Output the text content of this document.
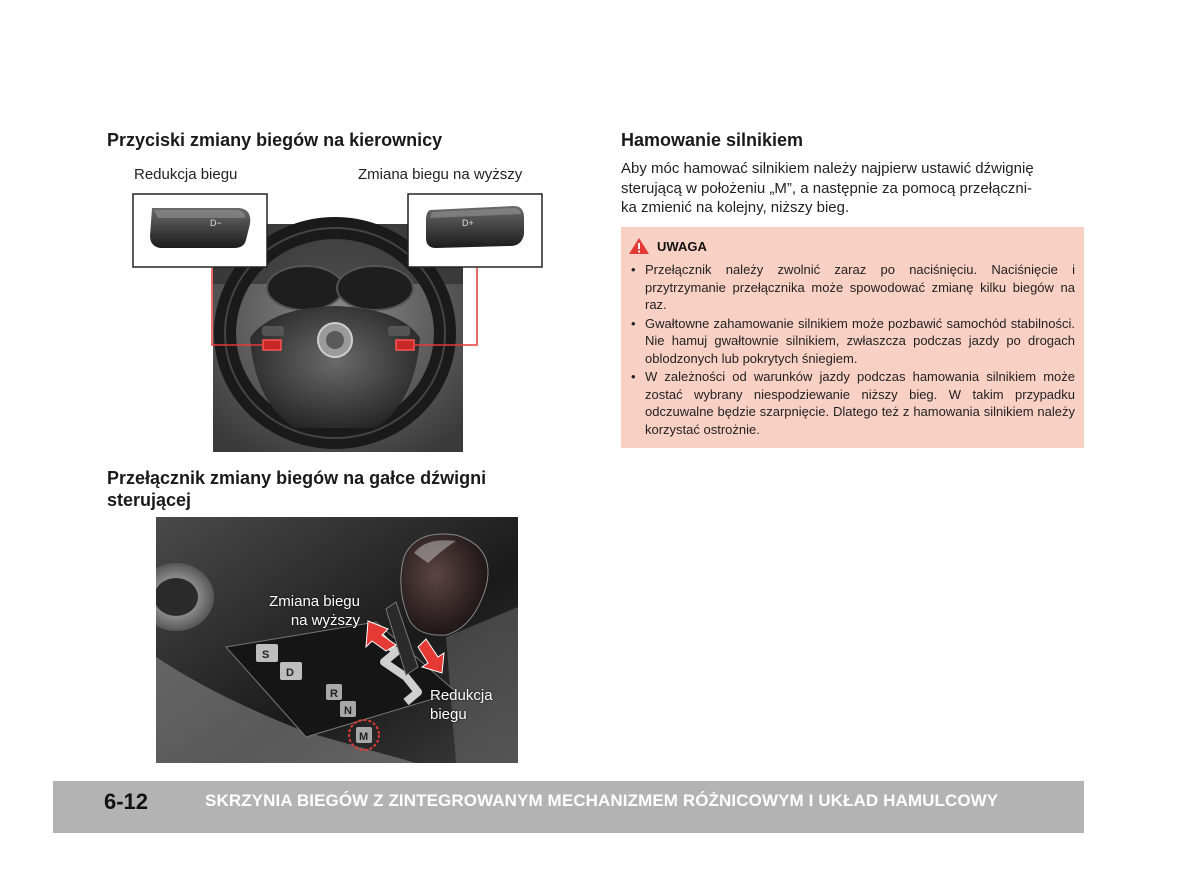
Przyciski zmiany biegów na kierownicy
Redukcja biegu	Zmiana biegu na wyższy
D−	D+
Przełącznik zmiany biegów na gałce dźwigni
sterującej
S
D
R
N
M
Zmiana biegu
na wyższy
Redukcja
biegu
Hamowanie silnikiem
Aby móc hamować silnikiem należy najpierw ustawić dźwignię
sterującą w położeniu „M”, a następnie za pomocą przełączni-
ka zmienić na kolejny, niższy bieg.
UWAGA
• Przełącznik należy zwolnić zaraz po naciśnięciu. Naciśnięcie i przytrzymanie przełącznika może spowodować zmianę kilku biegów na raz.
• Gwałtowne zahamowanie silnikiem może pozbawić samochód stabilności. Nie hamuj gwałtownie silnikiem, zwłaszcza podczas jazdy po drogach oblodzonych lub pokrytych śniegiem.
• W zależności od warunków jazdy podczas hamowania silnikiem może zostać wybrany niespodziewanie niższy bieg. W takim przypadku odczuwalne będzie szarpnięcie. Dlatego też z hamowania silnikiem należy korzystać ostrożnie.
6-12	SKRZYNIA BIEGÓW Z ZINTEGROWANYM MECHANIZMEM RÓŻNICOWYM I UKŁAD HAMULCOWY
